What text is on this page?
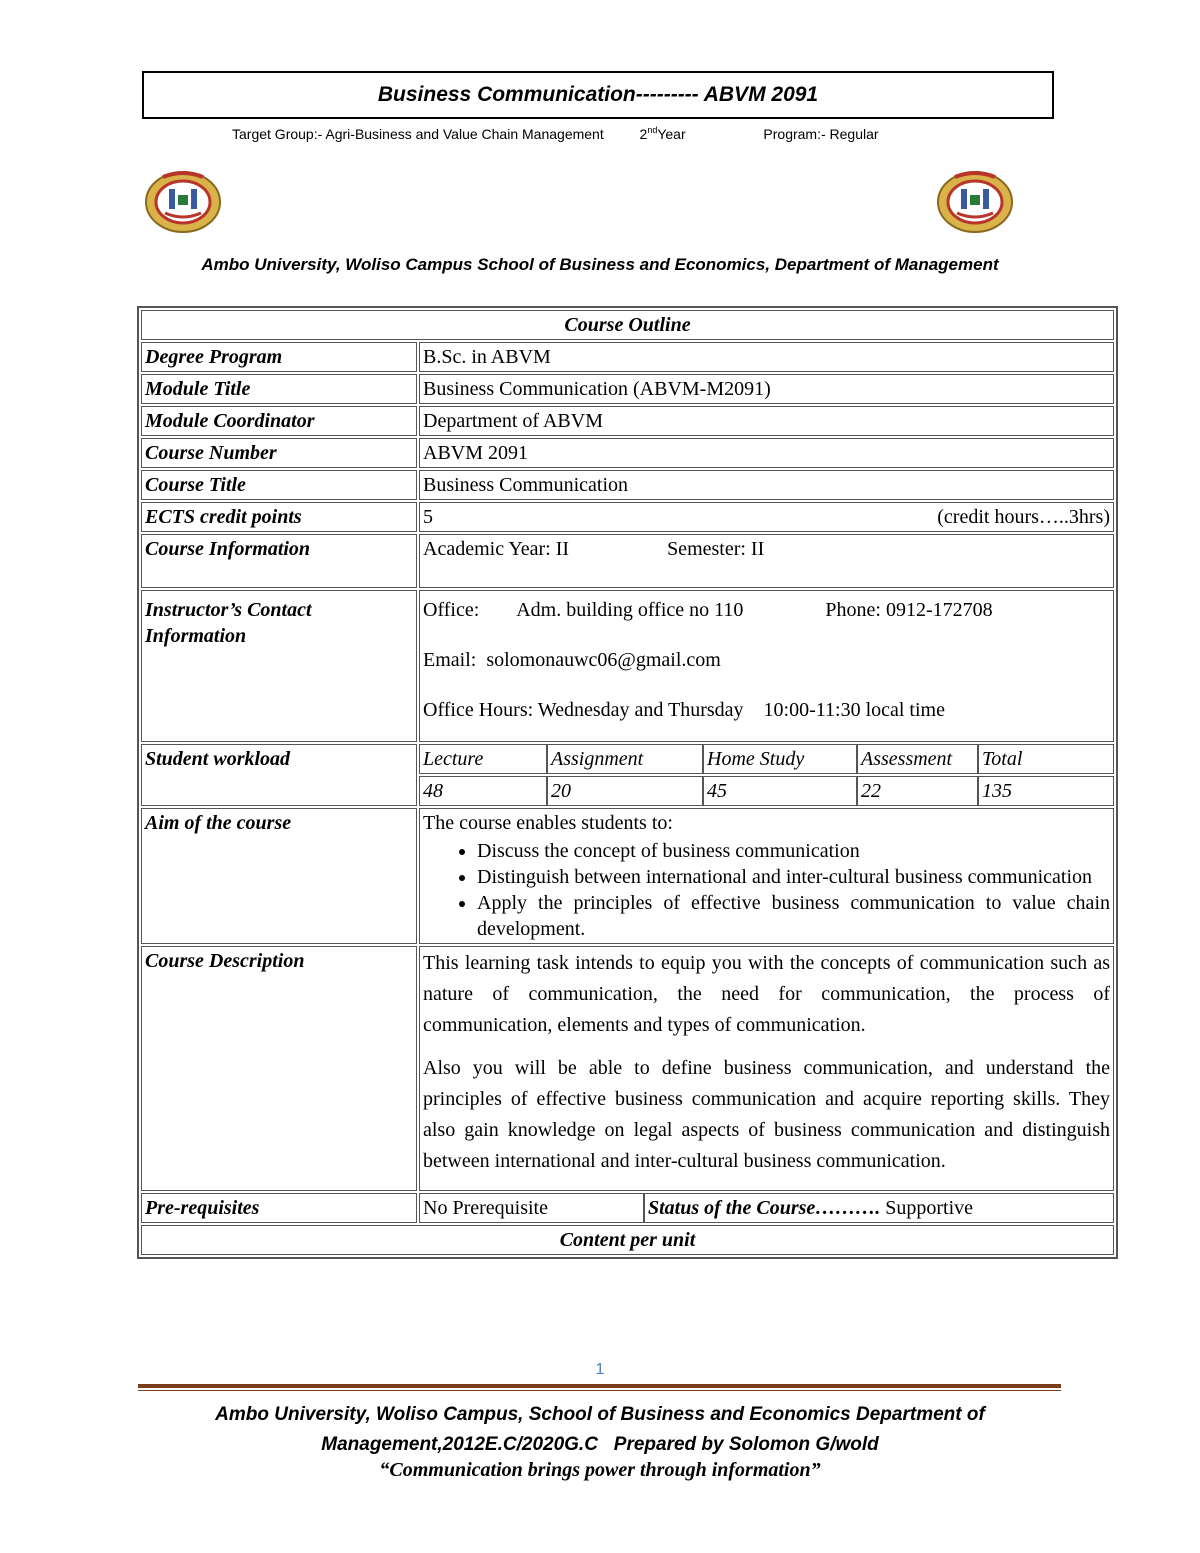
Business Communication--------- ABVM 2091
Target Group:- Agri-Business and Value Chain Management	2ndYear	Program:- Regular
Ambo University, Woliso Campus School of Business and Economics, Department of Management
Course Outline
Degree Program	B.Sc. in ABVM
Module Title	Business Communication (ABVM-M2091)
Module Coordinator	Department of ABVM
Course Number	ABVM 2091
Course Title	Business Communication
ECTS credit points		5	(credit hours…..3hrs)

Course Information	Academic Year: II	Semester: II
Instructor’s Contact Information	
Office: Adm. building office no 110	Phone: 0912-172708
Email:  solomonauwc06@gmail.com
Office Hours: Wednesday and Thursday    10:00-11:30 local time

Student workload		Lecture	Assignment	Home Study	Assessment	Total

48	20	45	22	135

Aim of the course	The course enables students to:
• Discuss the concept of business communication
• Distinguish between international and inter-cultural business communication
• Apply the principles of effective business communication to value chain development.

Course Description	This learning task intends to equip you with the concepts of communication such as nature of communication, the need for communication, the process of communication, elements and types of communication.

Also you will be able to define business communication, and understand the principles of effective business communication and acquire reporting skills. They also gain knowledge on legal aspects of business communication and distinguish between international and inter-cultural business communication.

Pre-requisites		No Prerequisite	Status of the Course………. Supportive

Content per unit
1
Ambo University, Woliso Campus, School of Business and Economics Department of
Management,2012E.C/2020G.C   Prepared by Solomon G/wold
“Communication brings power through information”
